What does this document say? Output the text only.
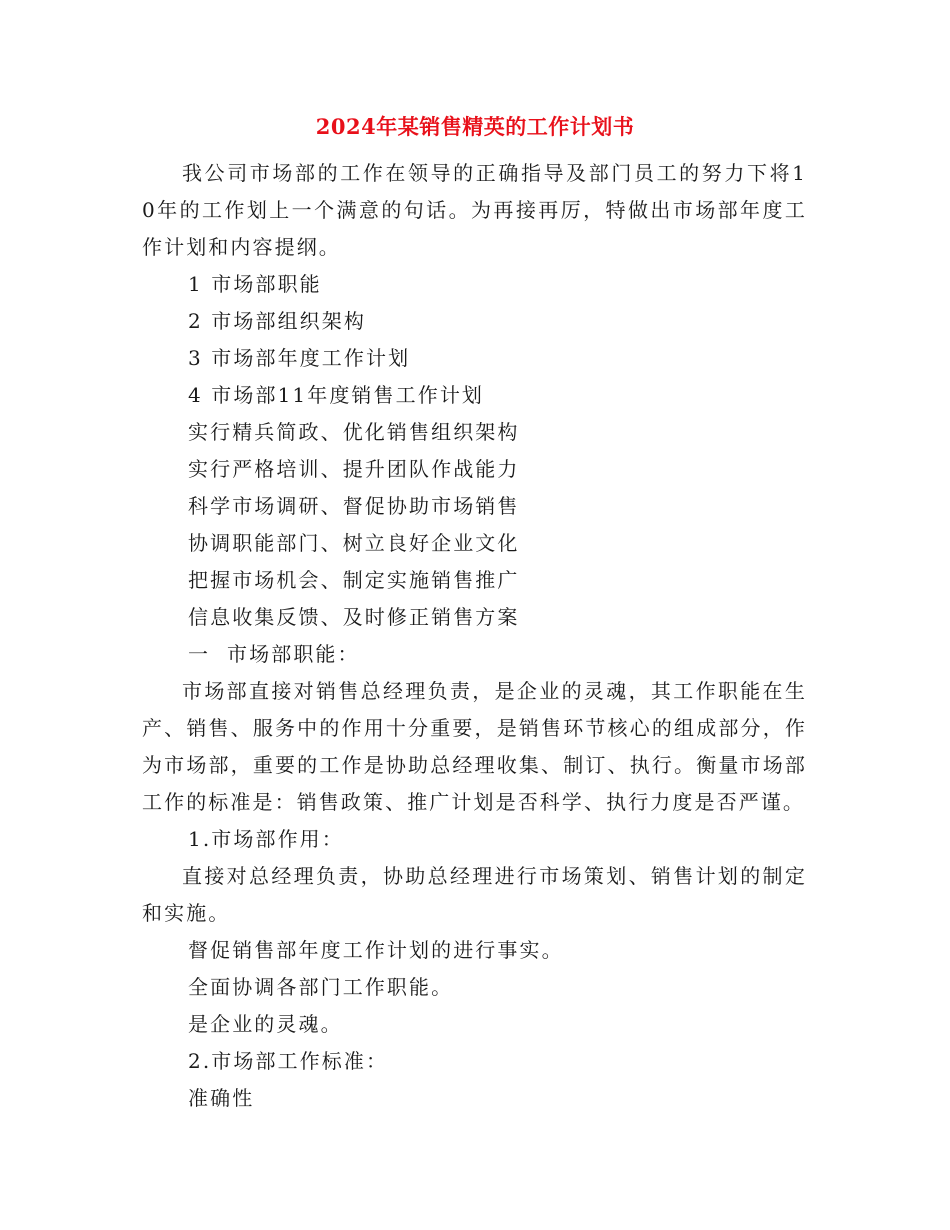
2024年某销售精英的工作计划书

我公司市场部的工作在领导的正确指导及部门员工的努力下将10年的工作划上一个满意的句话。为再接再厉，特做出市场部年度工作计划和内容提纲。

1 市场部职能
2 市场部组织架构
3 市场部年度工作计划
4 市场部11年度销售工作计划
实行精兵简政、优化销售组织架构
实行严格培训、提升团队作战能力
科学市场调研、督促协助市场销售
协调职能部门、树立良好企业文化
把握市场机会、制定实施销售推广
信息收集反馈、及时修正销售方案
一  市场部职能：

市场部直接对销售总经理负责，是企业的灵魂，其工作职能在生产、销售、服务中的作用十分重要，是销售环节核心的组成部分，作为市场部，重要的工作是协助总经理收集、制订、执行。衡量市场部工作的标准是：销售政策、推广计划是否科学、执行力度是否严谨。

1.市场部作用：

直接对总经理负责，协助总经理进行市场策划、销售计划的制定和实施。

督促销售部年度工作计划的进行事实。
全面协调各部门工作职能。
是企业的灵魂。
2.市场部工作标准：
准确性
